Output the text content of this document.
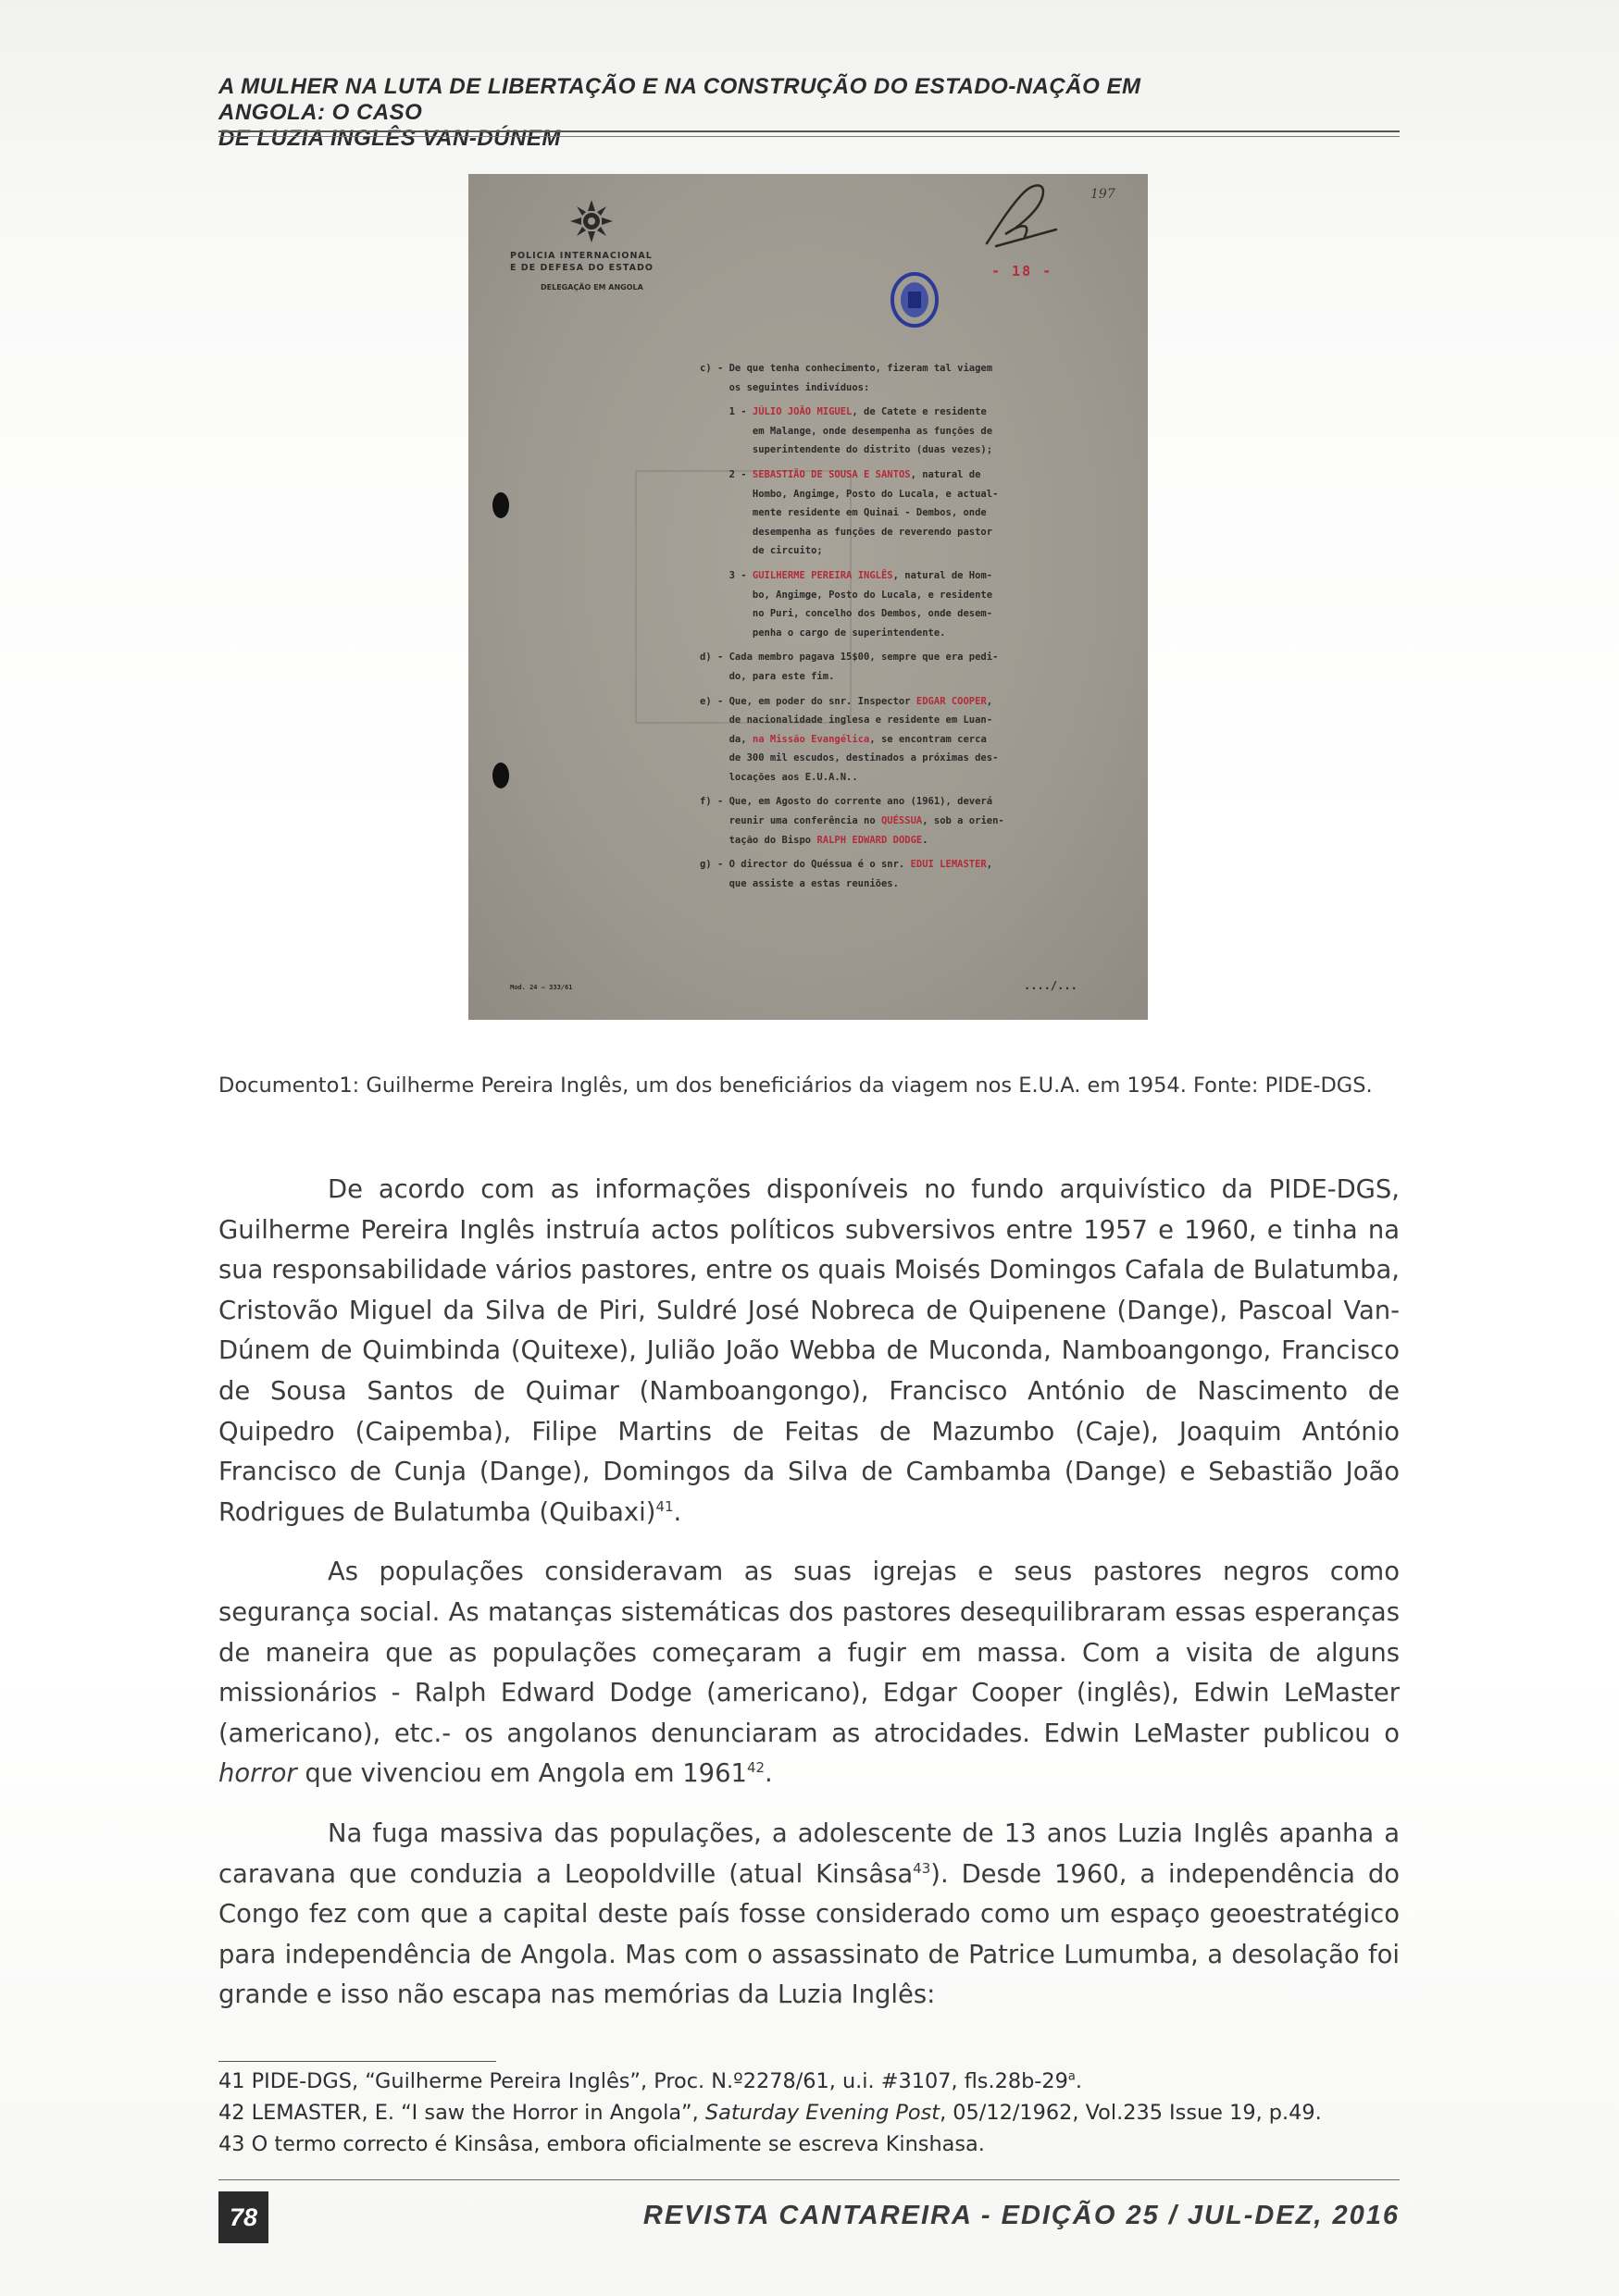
A MULHER NA LUTA DE LIBERTAÇÃO E NA CONSTRUÇÃO DO ESTADO-NAÇÃO EM ANGOLA: O CASO
DE LUZIA INGLÊS VAN-DÚNEM
POLICIA INTERNACIONAL
E DE DEFESA DO ESTADO
DELEGAÇÃO EM ANGOLA
197
- 18 -

c) - De que tenha conhecimento, fizeram tal viagem

os seguintes indivíduos:

1 - JÚLIO JOÃO MIGUEL, de Catete e residente

em Malange, onde desempenha as funções de

superintendente do distrito (duas vezes);

2 - SEBASTIÃO DE SOUSA E SANTOS, natural de

Hombo, Angimge, Posto do Lucala, e actual-

mente residente em Quinai - Dembos, onde

desempenha as funções de reverendo pastor

de circuito;

3 - GUILHERME PEREIRA INGLÊS, natural de Hom-

bo, Angimge, Posto do Lucala, e residente

no Puri, concelho dos Dembos, onde desem-

penha o cargo de superintendente.

d) - Cada membro pagava 15$00, sempre que era pedi-

do, para este fim.

e) - Que, em poder do snr. Inspector EDGAR COOPER,

de nacionalidade inglesa e residente em Luan-

da, na Missão Evangélica, se encontram cerca

de 300 mil escudos, destinados a próximas des-

locações aos E.U.A.N..

f) - Que, em Agosto do corrente ano (1961), deverá

reunir uma conferência no QUÉSSUA, sob a orien-

tação do Bispo RALPH EDWARD DODGE.

g) - O director do Quéssua é o snr. EDUI LEMASTER,

que assiste a estas reuniões.

Mod. 24 — 333/61	..../...
Documento1: Guilherme Pereira Inglês, um dos beneficiários da viagem nos E.U.A. em 1954. Fonte: PIDE-DGS.

De acordo com as informações disponíveis no fundo arquivístico da PIDE-DGS, Guilherme Pereira Inglês instruía actos políticos subversivos entre 1957 e 1960, e tinha na sua responsabilidade vários pastores, entre os quais Moisés Domingos Cafala de Bulatumba, Cristovão Miguel da Silva de Piri, Suldré José Nobreca de Quipenene (Dange), Pascoal Van-Dúnem de Quimbinda (Quitexe), Julião João Webba de Muconda, Namboangongo, Francisco de Sousa Santos de Quimar (Namboangongo), Francisco António de Nascimento de Quipedro (Caipemba), Filipe Martins de Feitas de Mazumbo (Caje), Joaquim António Francisco de Cunja (Dange), Domingos da Silva de Cambamba (Dange) e Sebastião João Rodrigues de Bulatumba (Quibaxi)$^{41}$.

As populações consideravam as suas igrejas e seus pastores negros como segurança social. As matanças sistemáticas dos pastores desequilibraram essas esperanças de maneira que as populações começaram a fugir em massa. Com a visita de alguns missionários - Ralph Edward Dodge (americano), Edgar Cooper (inglês), Edwin LeMaster (americano), etc.- os angolanos denunciaram as atrocidades. Edwin LeMaster publicou o horror que vivenciou em Angola em 1961$^{42}$.

Na fuga massiva das populações, a adolescente de 13 anos Luzia Inglês apanha a caravana que conduzia a Leopoldville (atual Kinsâsa$^{43}$). Desde 1960, a independência do Congo fez com que a capital deste país fosse considerado como um espaço geoestratégico para independência de Angola. Mas com o assassinato de Patrice Lumumba, a desolação foi grande e isso não escapa nas memórias da Luzia Inglês:

41 PIDE-DGS, “Guilherme Pereira Inglês”, Proc. N.º2278/61, u.i. #3107, fls.28b-29$^a$.
42 LEMASTER, E. “I saw the Horror in Angola”, Saturday Evening Post, 05/12/1962, Vol.235 Issue 19, p.49.
43 O termo correcto é Kinsâsa, embora oficialmente se escreva Kinshasa.
78	REVISTA CANTAREIRA - EDIÇÃO 25 / JUL-DEZ, 2016
